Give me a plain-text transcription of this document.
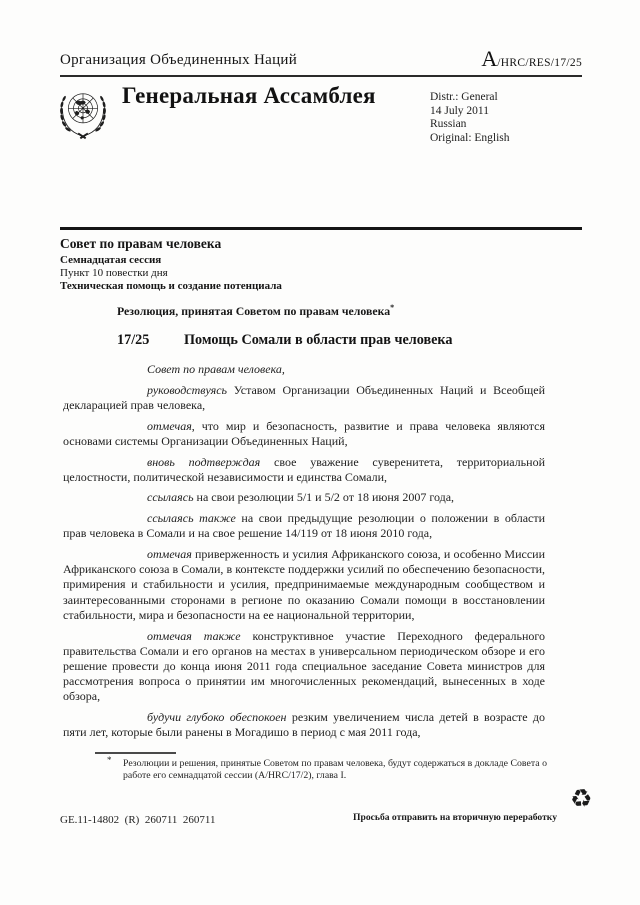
Организация Объединенных Наций	A/HRC/RES/17/25
Генеральная Ассамблея	Distr.: General
14 July 2011
Russian
Original: English
Совет по правам человека
Семнадцатая сессия
Пункт 10 повестки дня
Техническая помощь и создание потенциала
Резолюция, принятая Советом по правам человека*
17/25 Помощь Сомали в области прав человека

Совет по правам человека,

руководствуясь Уставом Организации Объединенных Наций и Всеобщей декларацией прав человека,

отмечая, что мир и безопасность, развитие и права человека являются основами системы Организации Объединенных Наций,

вновь подтверждая свое уважение суверенитета, территориальной целостности, политической независимости и единства Сомали,

ссылаясь на свои резолюции 5/1 и 5/2 от 18 июня 2007 года,

ссылаясь также на свои предыдущие резолюции о положении в области прав человека в Сомали и на свое решение 14/119 от 18 июня 2010 года,

отмечая приверженность и усилия Африканского союза, и особенно Миссии Африканского союза в Сомали, в контексте поддержки усилий по обеспечению безопасности, примирения и стабильности и усилия, предпринимаемые международным сообществом и заинтересованными сторонами в регионе по оказанию Сомали помощи в восстановлении стабильности, мира и безопасности на ее национальной территории,

отмечая также конструктивное участие Переходного федерального правительства Сомали и его органов на местах в универсальном периодическом обзоре и его решение провести до конца июня 2011 года специальное заседание Совета министров для рассмотрения вопроса о принятии им многочисленных рекомендаций, вынесенных в ходе обзора,

будучи глубоко обеспокоен резким увеличением числа детей в возрасте до пяти лет, которые были ранены в Могадишо в период с мая 2011 года,

* Резолюции и решения, принятые Советом по правам человека, будут содержаться в докладе Совета о работе его семнадцатой сессии (A/HRC/17/2), глава I.
GE.11-14802  (R)  260711  260711	Просьба отправить на вторичную переработку
♻
